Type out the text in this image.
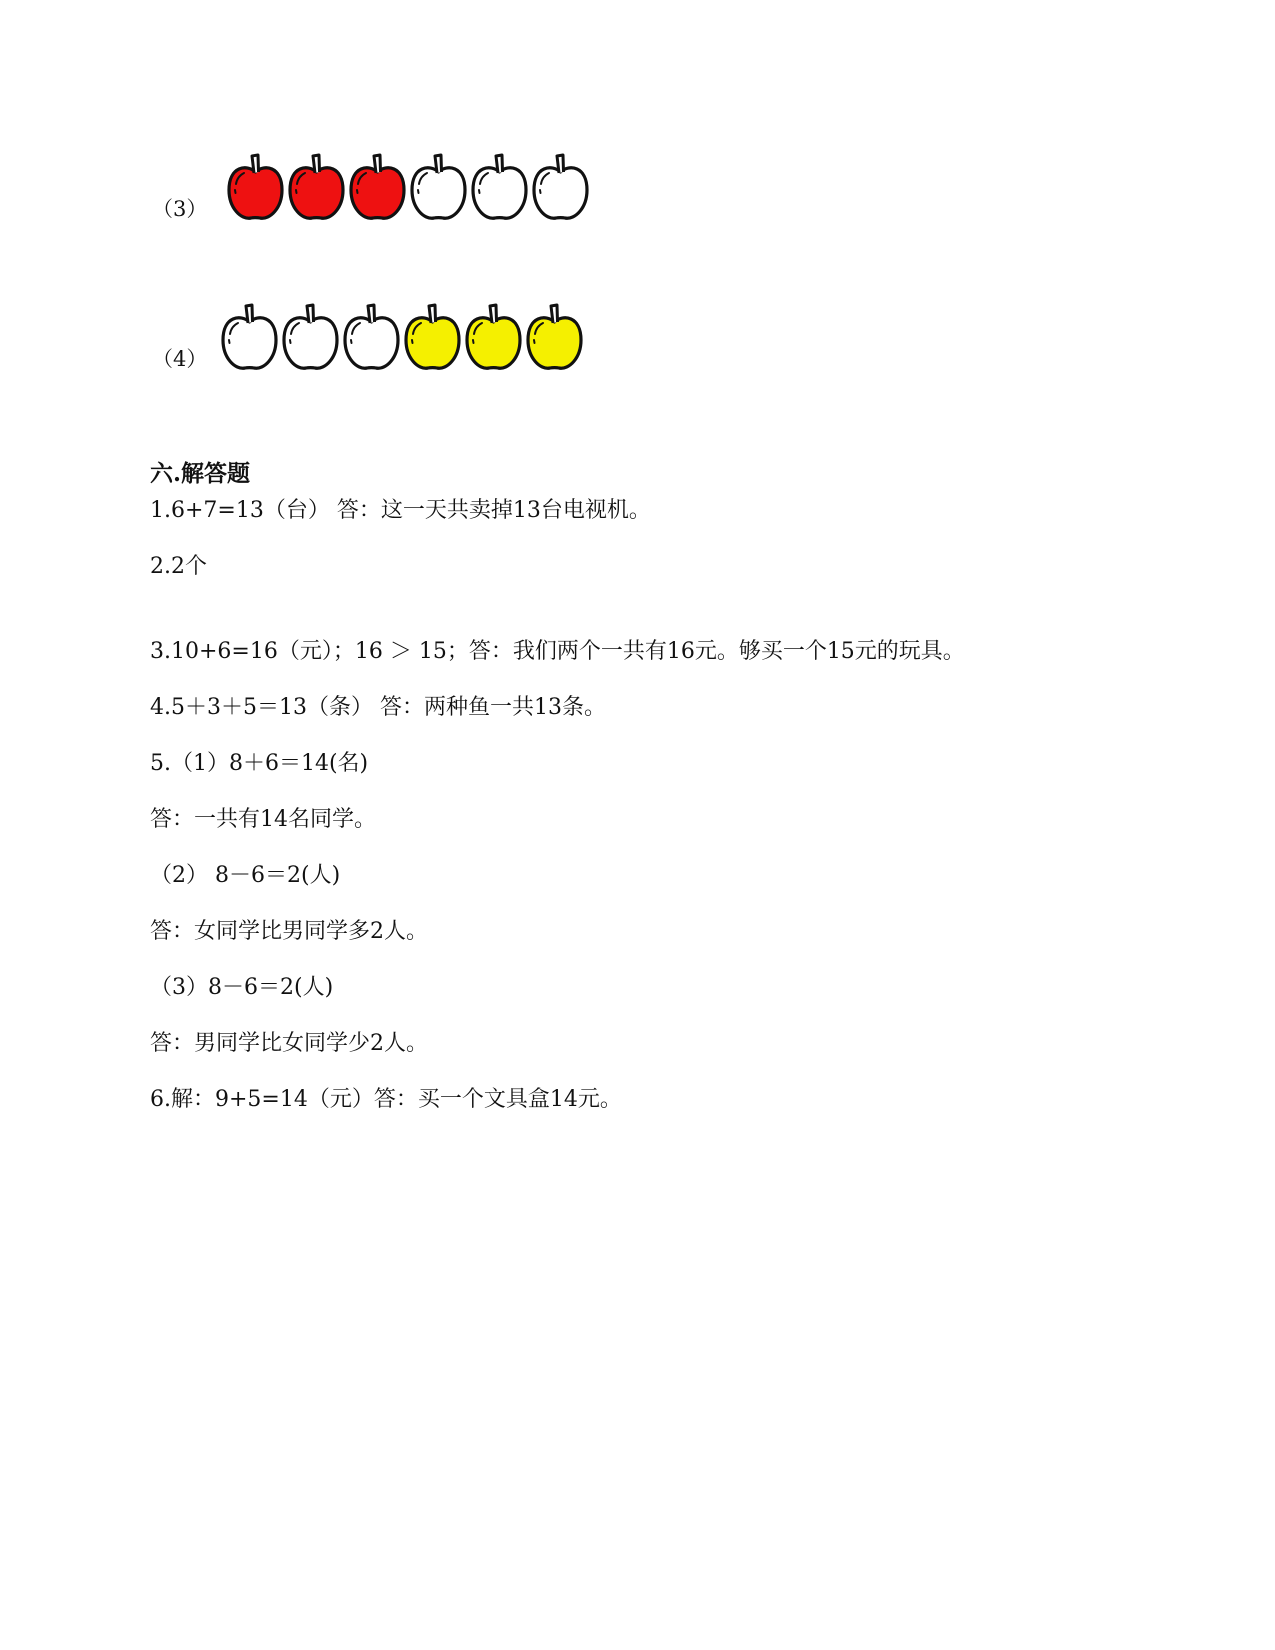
（3）
（4）
六.解答题

1.6+7=13（台） 答：这一天共卖掉13台电视机。

2.2个

3.10+6=16（元）；16 ＞ 15；答：我们两个一共有16元。够买一个15元的玩具。

4.5＋3＋5＝13（条） 答：两种鱼一共13条。

5.（1）8＋6＝14(名)

答：一共有14名同学。

（2） 8－6＝2(人)

答：女同学比男同学多2人。

（3）8－6＝2(人)

答：男同学比女同学少2人。

6.解：9+5=14（元）答：买一个文具盒14元。
